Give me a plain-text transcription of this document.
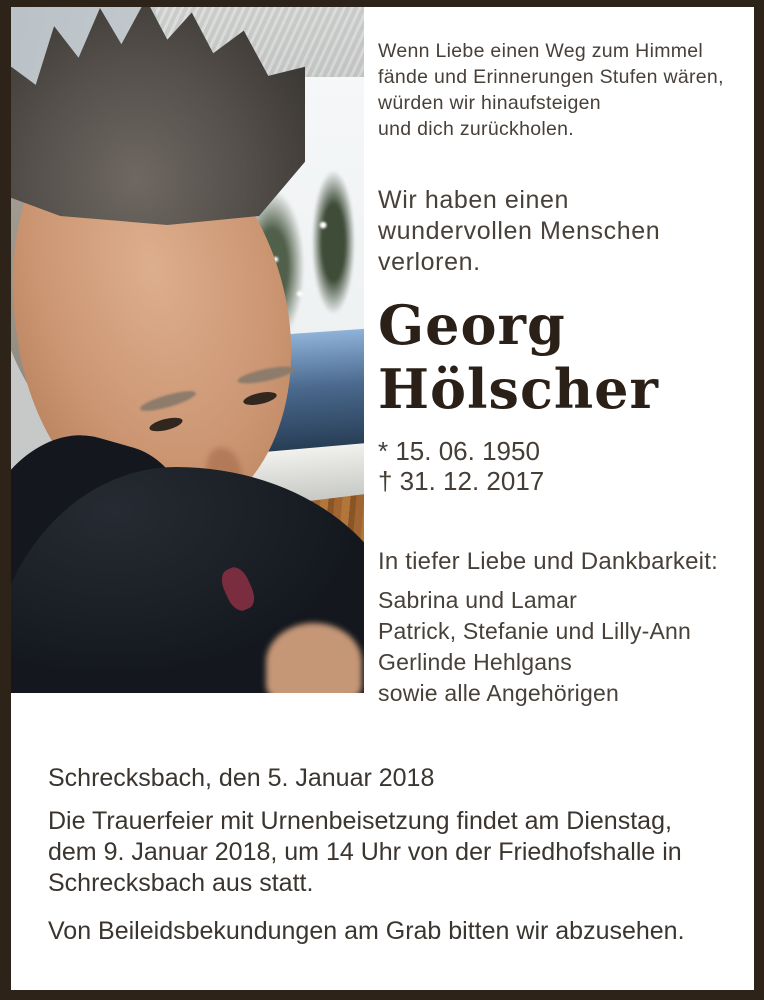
Wenn Liebe einen Weg zum Himmel
fände und Erinnerungen Stufen wären,
würden wir hinaufsteigen
und dich zurückholen.
Wir haben einen
wundervollen Menschen
verloren.
Georg
Hölscher
* 15. 06. 1950
† 31. 12. 2017
In tiefer Liebe und Dankbarkeit:
Sabrina und Lamar
Patrick, Stefanie und Lilly-Ann
Gerlinde Hehlgans
sowie alle Angehörigen
Schrecksbach, den 5. Januar 2018
Die Trauerfeier mit Urnenbeisetzung findet am Dienstag,
dem 9. Januar 2018, um 14 Uhr von der Friedhofshalle in
Schrecksbach aus statt.
Von Beileidsbekundungen am Grab bitten wir abzusehen.
